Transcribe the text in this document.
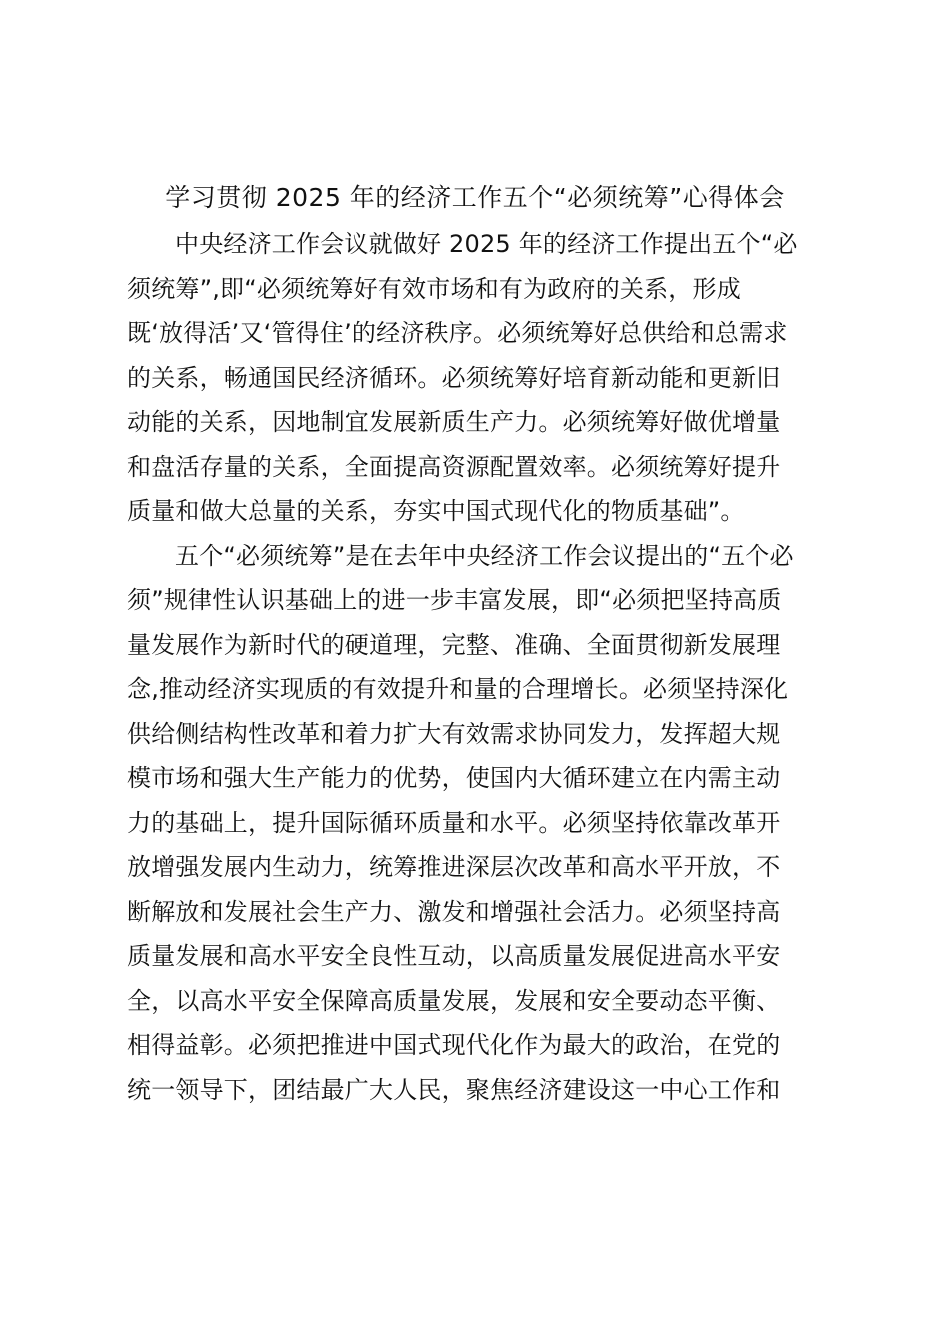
学习贯彻 2025 年的经济工作五个“必须统筹”心得体会
中央经济工作会议就做好 2025 年的经济工作提出五个“必
须统筹”,即“必须统筹好有效市场和有为政府的关系，形成
既‘放得活’又‘管得住’的经济秩序。必须统筹好总供给和总需求
的关系，畅通国民经济循环。必须统筹好培育新动能和更新旧
动能的关系，因地制宜发展新质生产力。必须统筹好做优增量
和盘活存量的关系，全面提高资源配置效率。必须统筹好提升
质量和做大总量的关系，夯实中国式现代化的物质基础”。
五个“必须统筹”是在去年中央经济工作会议提出的“五个必
须”规律性认识基础上的进一步丰富发展，即“必须把坚持高质
量发展作为新时代的硬道理，完整、准确、全面贯彻新发展理
念,推动经济实现质的有效提升和量的合理增长。必须坚持深化
供给侧结构性改革和着力扩大有效需求协同发力，发挥超大规
模市场和强大生产能力的优势，使国内大循环建立在内需主动
力的基础上，提升国际循环质量和水平。必须坚持依靠改革开
放增强发展内生动力，统筹推进深层次改革和高水平开放，不
断解放和发展社会生产力、激发和增强社会活力。必须坚持高
质量发展和高水平安全良性互动，以高质量发展促进高水平安
全，以高水平安全保障高质量发展，发展和安全要动态平衡、
相得益彰。必须把推进中国式现代化作为最大的政治，在党的
统一领导下，团结最广大人民，聚焦经济建设这一中心工作和
